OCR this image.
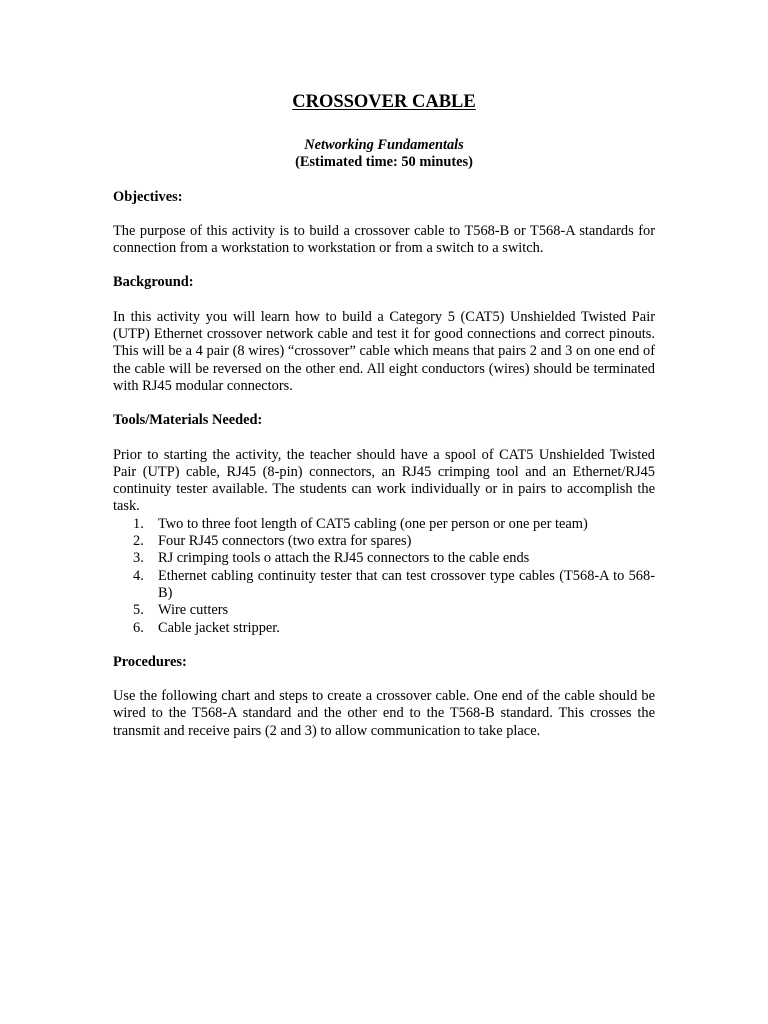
CROSSOVER CABLE

Networking Fundamentals

(Estimated time: 50 minutes)

Objectives:

The purpose of this activity is to build a crossover cable to T568-B or T568-A standards for connection from a workstation to workstation or from a switch to a switch.

Background:

In this activity you will learn how to build a Category 5 (CAT5) Unshielded Twisted Pair (UTP) Ethernet crossover network cable and test it for good connections and correct pinouts. This will be a 4 pair (8 wires) “crossover” cable which means that pairs 2 and 3 on one end of the cable will be reversed on the other end. All eight conductors (wires) should be terminated with RJ45 modular connectors.

Tools/Materials Needed:

Prior to starting the activity, the teacher should have a spool of CAT5 Unshielded Twisted Pair (UTP) cable, RJ45 (8-pin) connectors, an RJ45 crimping tool and an Ethernet/RJ45 continuity tester available. The students can work individually or in pairs to accomplish the task.

1. Two to three foot length of CAT5 cabling (one per person or one per team)
2. Four RJ45 connectors (two extra for spares)
3. RJ crimping tools o attach the RJ45 connectors to the cable ends
4. Ethernet cabling continuity tester that can test crossover type cables (T568-A to 568-B)
5. Wire cutters
6. Cable jacket stripper.

Procedures:

Use the following chart and steps to create a crossover cable. One end of the cable should be wired to the T568-A standard and the other end to the T568-B standard. This crosses the transmit and receive pairs (2 and 3) to allow communication to take place.
